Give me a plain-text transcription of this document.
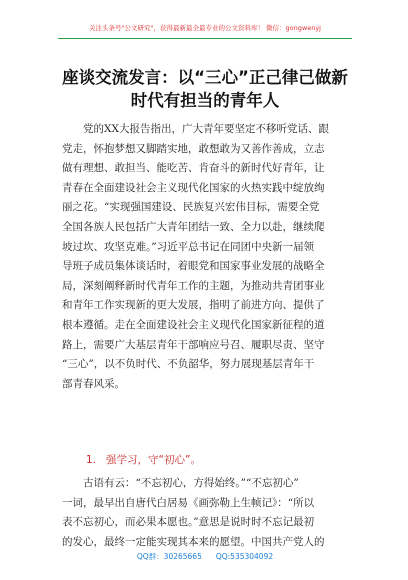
关注头条号"公文研究"，获得最新最全最专业的公文资料库！ 微信：gongwenyj
座谈交流发言：以“三心”正己律己做新
时代有担当的青年人
　　党的XX大报告指出，广大青年要坚定不移听党话、跟
党走，怀抱梦想又脚踏实地，敢想敢为又善作善成，立志
做有理想、敢担当、能吃苦、肯奋斗的新时代好青年，让
青春在全面建设社会主义现代化国家的火热实践中绽放绚
丽之花。“实现强国建设、民族复兴宏伟目标，需要全党
全国各族人民包括广大青年团结一致、全力以赴，继续爬
坡过坎、攻坚克难。”习近平总书记在同团中央新一届领
导班子成员集体谈话时，着眼党和国家事业发展的战略全
局，深刻阐释新时代青年工作的主题，为推动共青团事业
和青年工作实现新的更大发展，指明了前进方向、提供了
根本遵循。走在全面建设社会主义现代化国家新征程的道
路上，需要广大基层青年干部响应号召、履职尽责、坚守
“三心”，以不负时代、不负韶华，努力展现基层青年干
部青春风采。
1. 强学习，守“初心”。
　　古语有云：“不忘初心，方得始终。”“不忘初心”
一词，最早出自唐代白居易《画弥勒上生帧记》：“所以
表不忘初心，而必果本愿也。”意思是说时时不忘记最初
的发心，最终一定能实现其本来的愿望。中国共产党人的
QQ群：30265665 QQ:535304092
